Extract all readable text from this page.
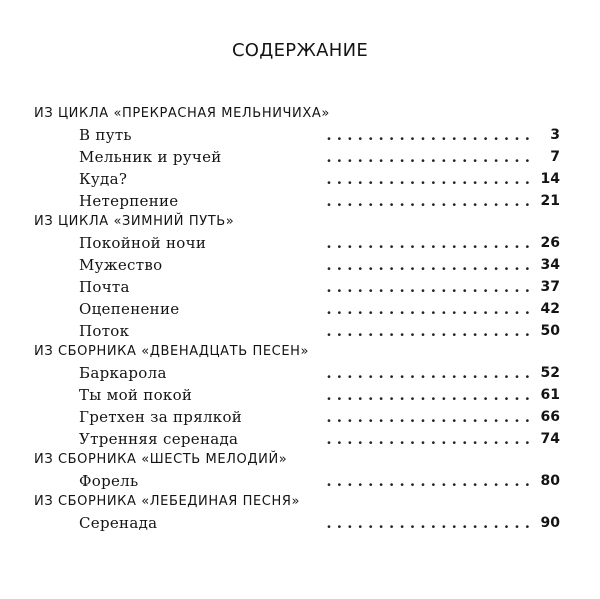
СОДЕРЖАНИЕ
ИЗ ЦИКЛА «ПРЕКРАСНАЯ МЕЛЬНИЧИХА»
. . . . . . . . . . . . . . . . . . . .
В путь	3
. . . . . . . . . . . . . . . . . . . .
Мельник и ручей	7
. . . . . . . . . . . . . . . . . . . .
Куда?	14
. . . . . . . . . . . . . . . . . . . .
Нетерпение	21
ИЗ ЦИКЛА «ЗИМНИЙ ПУТЬ»
. . . . . . . . . . . . . . . . . . . .
Покойной ночи	26
. . . . . . . . . . . . . . . . . . . .
Мужество	34
. . . . . . . . . . . . . . . . . . . .
Почта	37
. . . . . . . . . . . . . . . . . . . .
Оцепенение	42
. . . . . . . . . . . . . . . . . . . .
Поток	50
ИЗ СБОРНИКА «ДВЕНАДЦАТЬ ПЕСЕН»
. . . . . . . . . . . . . . . . . . . .
Баркарола	52
. . . . . . . . . . . . . . . . . . . .
Ты мой покой	61
. . . . . . . . . . . . . . . . . . . .
Гретхен за прялкой	66
. . . . . . . . . . . . . . . . . . . .
Утренняя серенада	74
ИЗ СБОРНИКА «ШЕСТЬ МЕЛОДИЙ»
. . . . . . . . . . . . . . . . . . . .
Форель	80
ИЗ СБОРНИКА «ЛЕБЕДИНАЯ ПЕСНЯ»
. . . . . . . . . . . . . . . . . . . .
Серенада	90
